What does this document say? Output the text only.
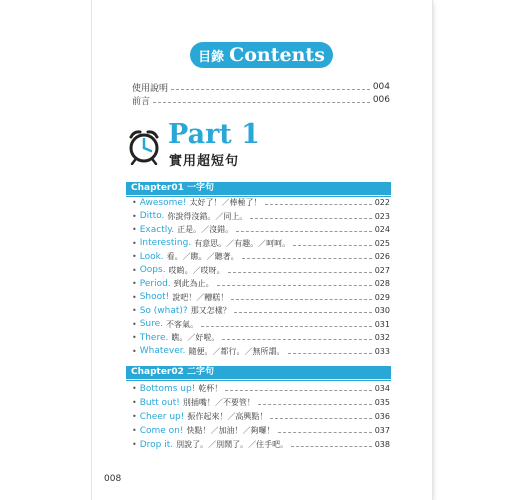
目錄 Contents
使用說明	004
前言	006
Part 1
實用超短句
Chapter01 一字句
• Awesome! 太好了！／棒極了！	022
• Ditto. 你說得沒錯。／同上。	023
• Exactly. 正是。／沒錯。	024
• Interesting. 有意思。／有趣。／呵呵。	025
• Look. 看。／瞧。／聽著。	026
• Oops. 哎喲。／哎呀。	027
• Period. 到此為止。	028
• Shoot! 說吧！／糟糕！	029
• So (what)? 那又怎樣？	030
• Sure. 不客氣。	031
• There. 瞧。／好啦。	032
• Whatever. 隨便。／都行。／無所謂。	033
Chapter02 二字句
• Bottoms up! 乾杯！	034
• Butt out! 別插嘴！／不要管！	035
• Cheer up! 振作起來！／高興點！	036
• Come on! 快點！／加油！／夠囉！	037
• Drop it. 別說了。／別鬧了。／住手吧。	038
008
